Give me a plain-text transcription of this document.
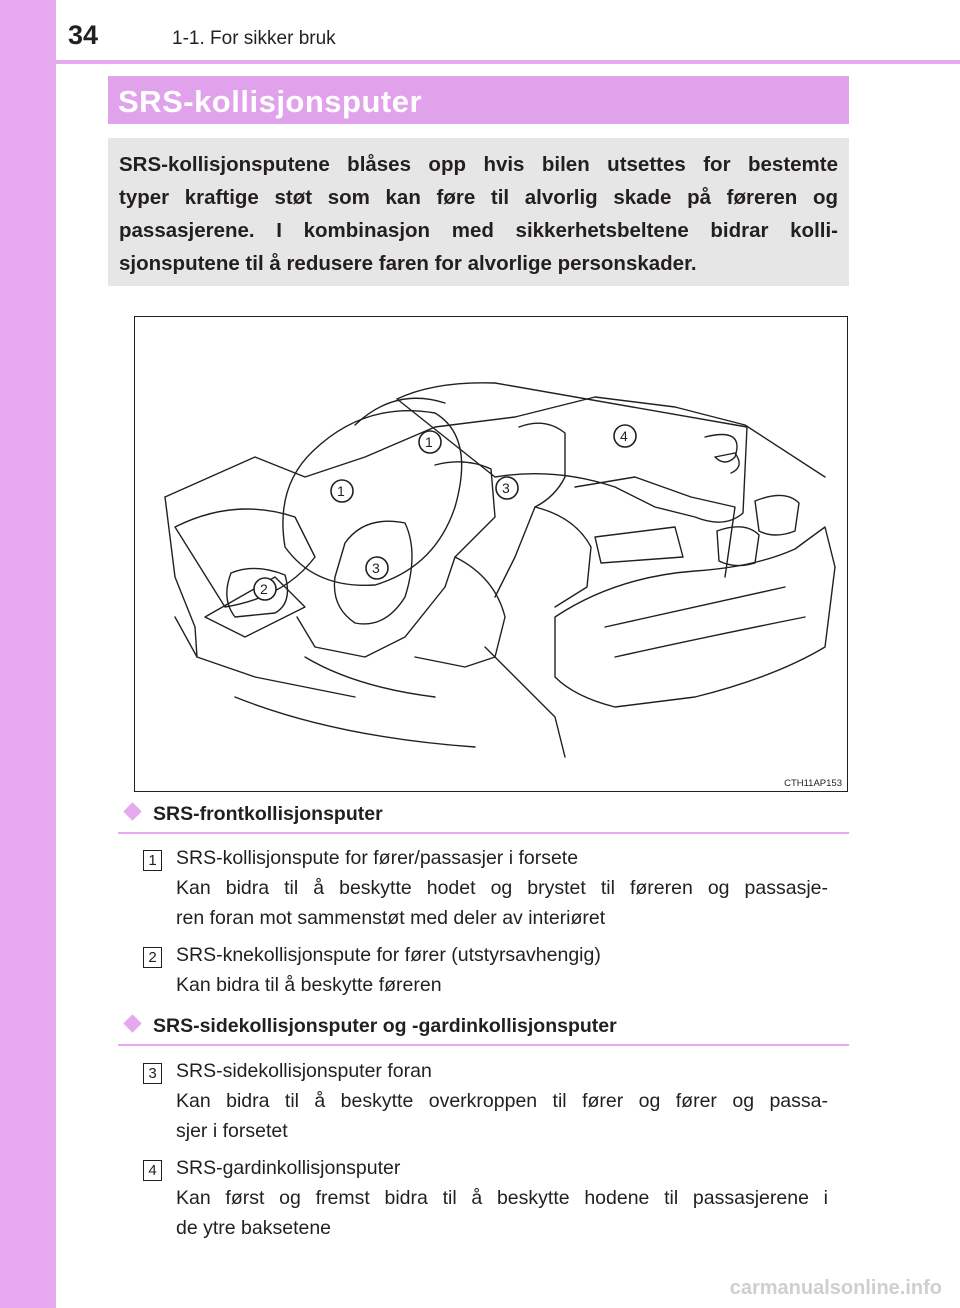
34	1-1. For sikker bruk
SRS-kollisjonsputer
SRS-kollisjonsputene blåses opp hvis bilen utsettes for bestemte
typer kraftige støt som kan føre til alvorlig skade på føreren og
passasjerene. I kombinasjon med sikkerhetsbeltene bidrar kolli-
sjonsputene til å redusere faren for alvorlige personskader.
1
1
2
3
3
4
CTH11AP153
SRS-frontkollisjonsputer
1 SRS-kollisjonspute for fører/passasjer i forsete
Kan bidra til å beskytte hodet og brystet til føreren og passasje-
ren foran mot sammenstøt med deler av interiøret
2 SRS-knekollisjonspute for fører (utstyrsavhengig)
Kan bidra til å beskytte føreren
SRS-sidekollisjonsputer og -gardinkollisjonsputer
3 SRS-sidekollisjonsputer foran
Kan bidra til å beskytte overkroppen til fører og fører og passa-
sjer i forsetet
4 SRS-gardinkollisjonsputer
Kan først og fremst bidra til å beskytte hodene til passasjerene i
de ytre baksetene
carmanualsonline.info
